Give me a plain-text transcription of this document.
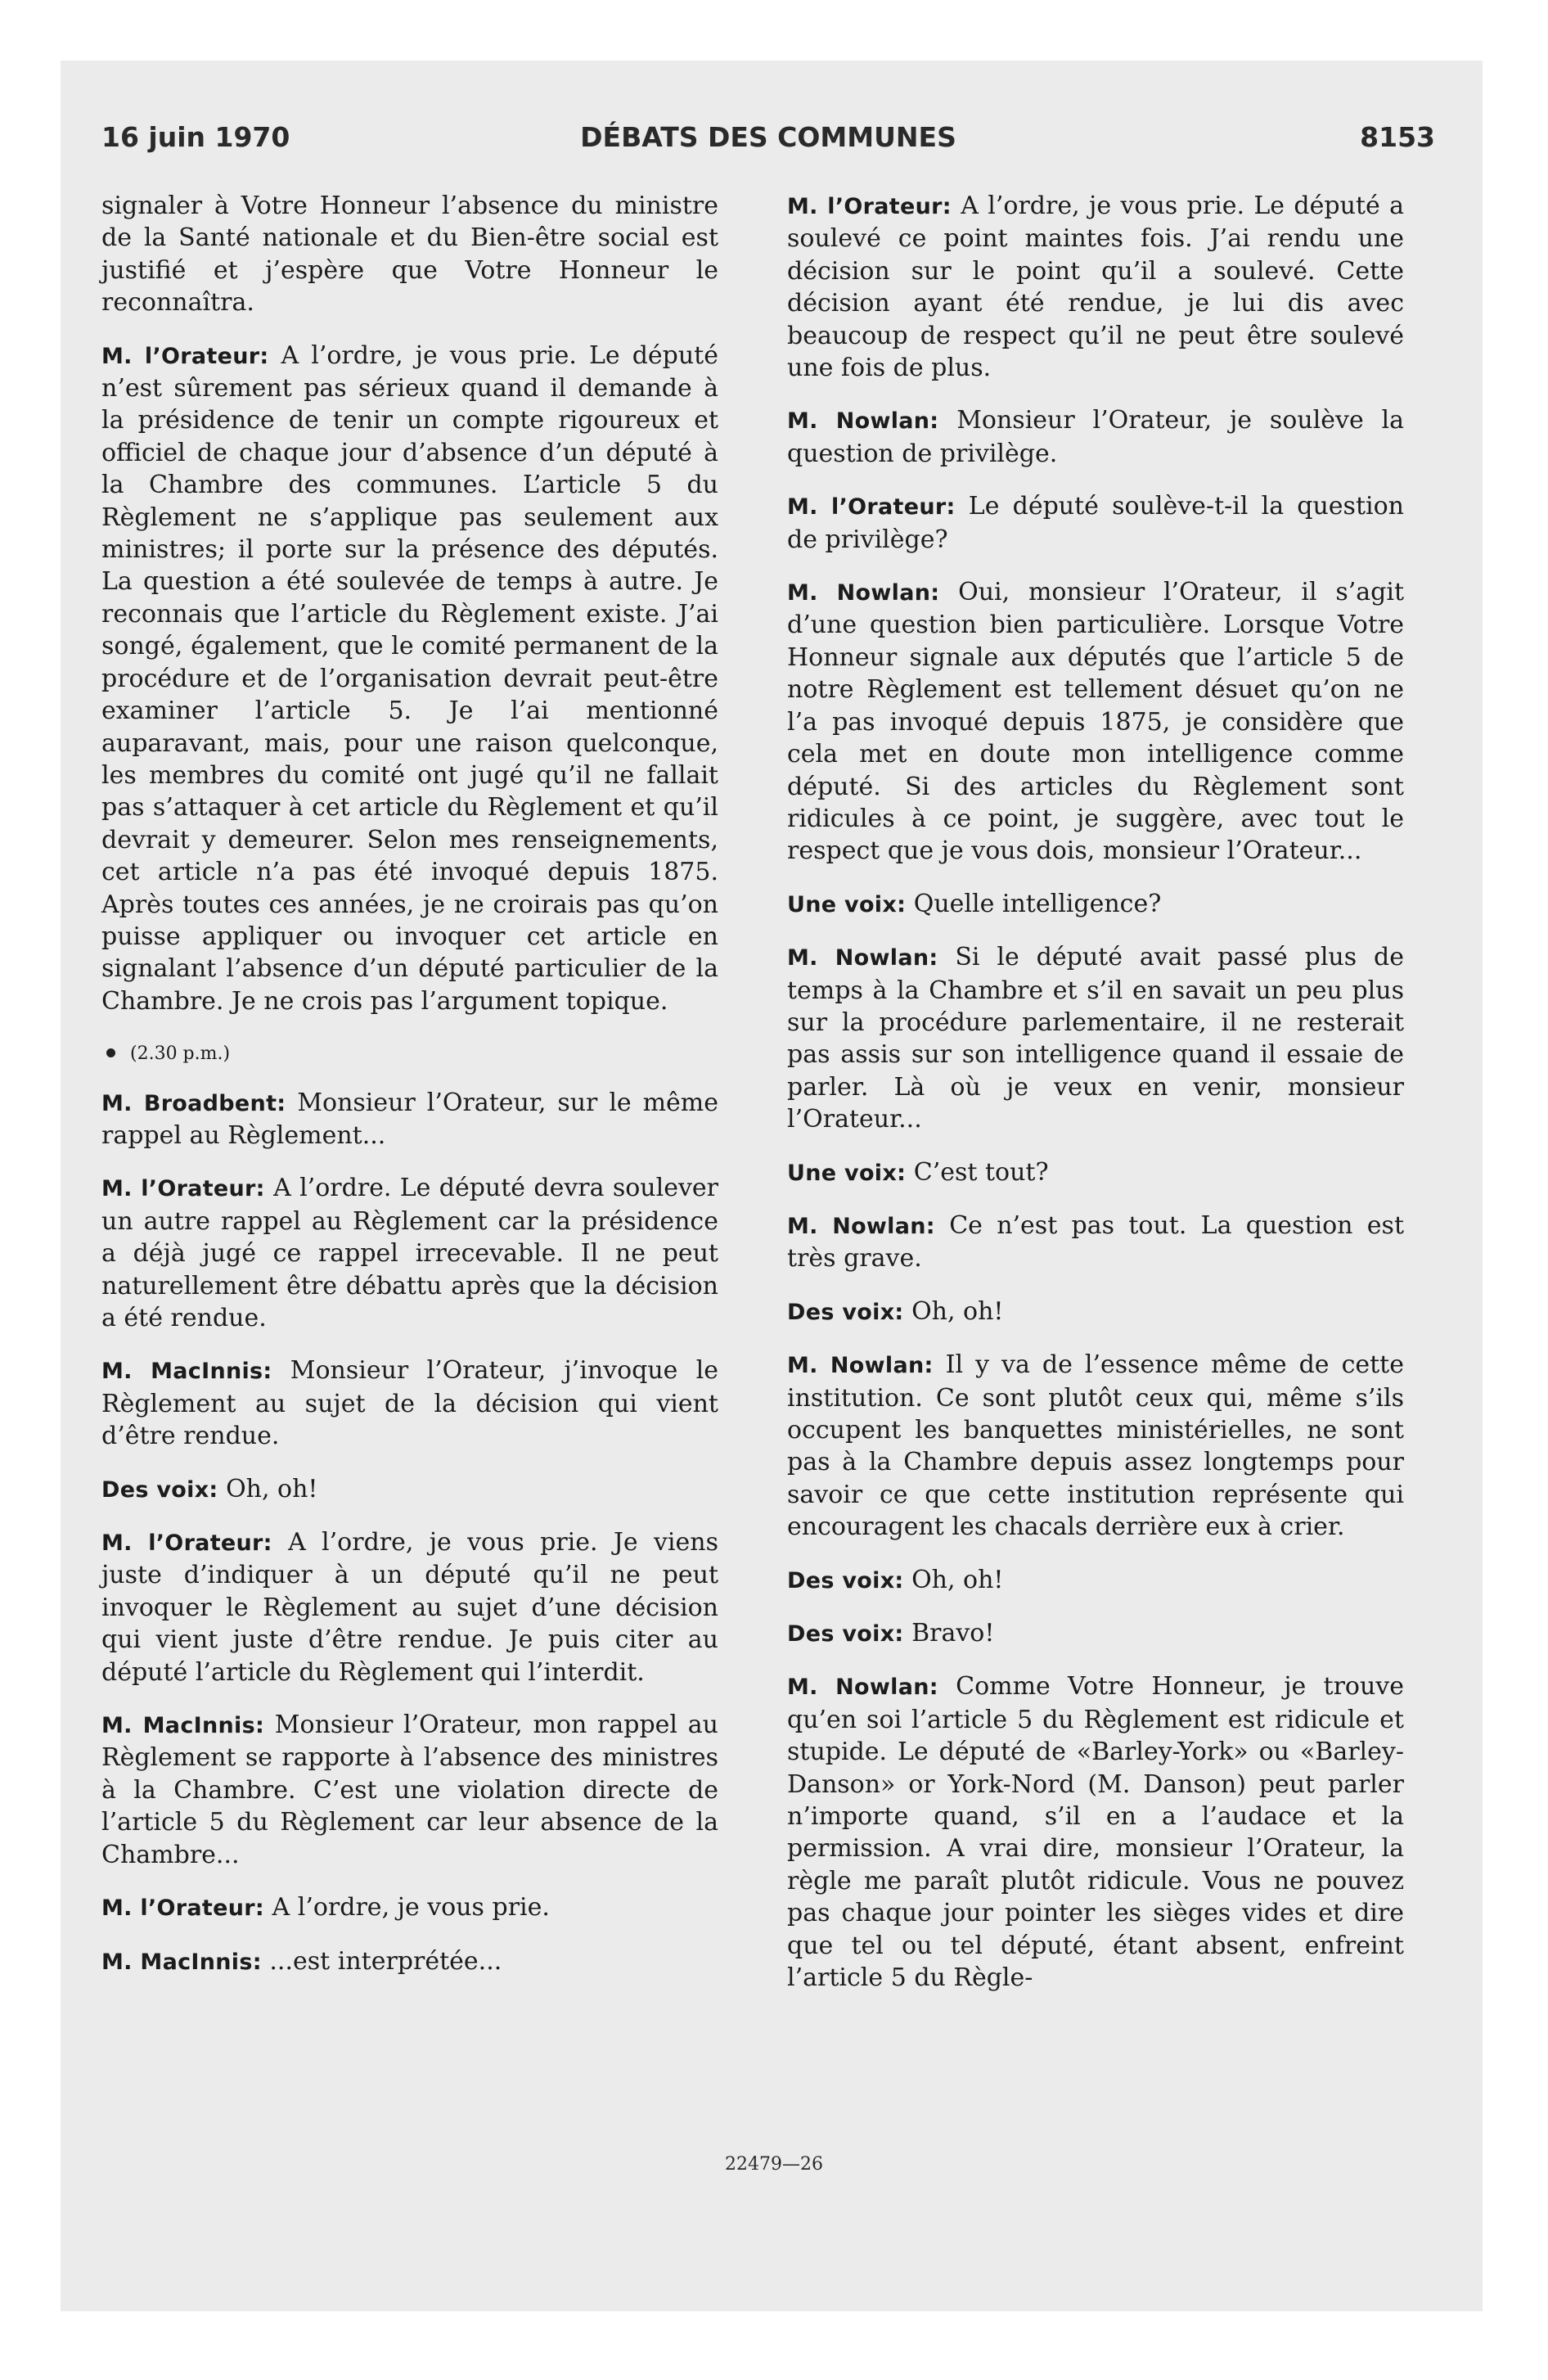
16 juin 1970	DÉBATS DES COMMUNES	8153

signaler à Votre Honneur l’absence du ministre de la Santé nationale et du Bien-être social est justifié et j’espère que Votre Honneur le reconnaîtra.

M. l’Orateur: A l’ordre, je vous prie. Le député n’est sûrement pas sérieux quand il demande à la présidence de tenir un compte rigoureux et officiel de chaque jour d’absence d’un député à la Chambre des communes. L’article 5 du Règlement ne s’applique pas seulement aux ministres; il porte sur la présence des députés. La question a été soulevée de temps à autre. Je reconnais que l’article du Règlement existe. J’ai songé, également, que le comité permanent de la procédure et de l’organisation devrait peut-être examiner l’article 5. Je l’ai mentionné auparavant, mais, pour une raison quelconque, les membres du comité ont jugé qu’il ne fallait pas s’attaquer à cet article du Règlement et qu’il devrait y demeurer. Selon mes renseignements, cet article n’a pas été invoqué depuis 1875. Après toutes ces années, je ne croirais pas qu’on puisse appliquer ou invoquer cet article en signalant l’absence d’un député particulier de la Chambre. Je ne crois pas l’argument topique.

(2.30 p.m.)

M. Broadbent: Monsieur l’Orateur, sur le même rappel au Règlement...

M. l’Orateur: A l’ordre. Le député devra soulever un autre rappel au Règlement car la présidence a déjà jugé ce rappel irrecevable. Il ne peut naturellement être débattu après que la décision a été rendue.

M. MacInnis: Monsieur l’Orateur, j’invoque le Règlement au sujet de la décision qui vient d’être rendue.

Des voix: Oh, oh!

M. l’Orateur: A l’ordre, je vous prie. Je viens juste d’indiquer à un député qu’il ne peut invoquer le Règlement au sujet d’une décision qui vient juste d’être rendue. Je puis citer au député l’article du Règlement qui l’interdit.

M. MacInnis: Monsieur l’Orateur, mon rappel au Règlement se rapporte à l’absence des ministres à la Chambre. C’est une violation directe de l’article 5 du Règlement car leur absence de la Chambre...

M. l’Orateur: A l’ordre, je vous prie.

M. MacInnis: ...est interprétée...

M. l’Orateur: A l’ordre, je vous prie. Le député a soulevé ce point maintes fois. J’ai rendu une décision sur le point qu’il a soulevé. Cette décision ayant été rendue, je lui dis avec beaucoup de respect qu’il ne peut être soulevé une fois de plus.

M. Nowlan: Monsieur l’Orateur, je soulève la question de privilège.

M. l’Orateur: Le député soulève-t-il la question de privilège?

M. Nowlan: Oui, monsieur l’Orateur, il s’agit d’une question bien particulière. Lorsque Votre Honneur signale aux députés que l’article 5 de notre Règlement est tellement désuet qu’on ne l’a pas invoqué depuis 1875, je considère que cela met en doute mon intelligence comme député. Si des articles du Règlement sont ridicules à ce point, je suggère, avec tout le respect que je vous dois, monsieur l’Orateur...

Une voix: Quelle intelligence?

M. Nowlan: Si le député avait passé plus de temps à la Chambre et s’il en savait un peu plus sur la procédure parlementaire, il ne resterait pas assis sur son intelligence quand il essaie de parler. Là où je veux en venir, monsieur l’Orateur...

Une voix: C’est tout?

M. Nowlan: Ce n’est pas tout. La question est très grave.

Des voix: Oh, oh!

M. Nowlan: Il y va de l’essence même de cette institution. Ce sont plutôt ceux qui, même s’ils occupent les banquettes ministérielles, ne sont pas à la Chambre depuis assez longtemps pour savoir ce que cette institution représente qui encouragent les chacals derrière eux à crier.

Des voix: Oh, oh!

Des voix: Bravo!

M. Nowlan: Comme Votre Honneur, je trouve qu’en soi l’article 5 du Règlement est ridicule et stupide. Le député de «Barley-York» ou «Barley-Danson» or York-Nord (M. Danson) peut parler n’importe quand, s’il en a l’audace et la permission. A vrai dire, monsieur l’Orateur, la règle me paraît plutôt ridicule. Vous ne pouvez pas chaque jour pointer les sièges vides et dire que tel ou tel député, étant absent, enfreint l’article 5 du Règle-

22479—26
